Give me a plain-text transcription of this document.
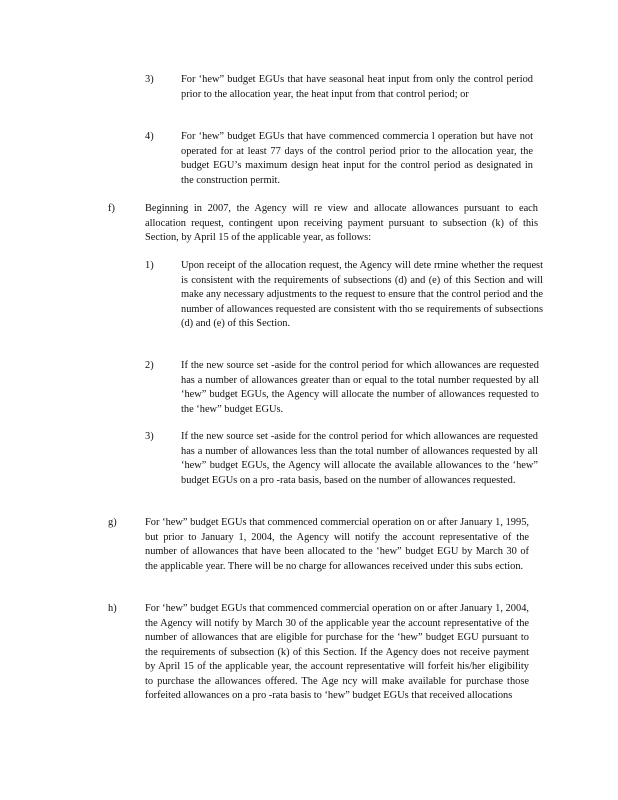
3)	For ‘hew” budget EGUs that have seasonal heat input from only the control period prior to the allocation year, the heat input from that control period; or
4)	For ‘hew” budget EGUs that have commenced commercia l operation but have not operated for at least 77 days of the control period prior to the allocation year, the budget EGU’s maximum design heat input for the control period as designated in the construction permit.
f)	Beginning in 2007, the Agency will re view and allocate allowances pursuant to each allocation request, contingent upon receiving payment pursuant to subsection (k) of this Section, by April 15 of the applicable year, as follows:
1)	Upon receipt of the allocation request, the Agency will dete rmine whether the request is consistent with the requirements of subsections (d) and (e) of this Section and will make any necessary adjustments to the request to ensure that the control period and the number of allowances requested are consistent with tho se requirements of subsections (d) and (e) of this Section.
2)	If the new source set -aside for the control period for which allowances are requested has a number of allowances greater than or equal to the total number requested by all ‘hew” budget EGUs, the Agency will allocate the number of allowances requested to the ‘hew” budget EGUs.
3)	If the new source set -aside for the control period for which allowances are requested has a number of allowances less than the total number of allowances requested by all ‘hew” budget EGUs, the Agency will allocate the available allowances to the ‘hew” budget EGUs on a pro -rata basis, based on the number of allowances requested.
g)	For ‘hew” budget EGUs that commenced commercial operation on or after January 1, 1995, but prior to January 1, 2004, the Agency will notify the account representative of the number of allowances that have been allocated to the ‘hew” budget EGU by March 30 of the applicable year. There will be no charge for allowances received under this subs ection.
h)	For ‘hew” budget EGUs that commenced commercial operation on or after January 1, 2004, the Agency will notify by March 30 of the applicable year the account representative of the number of allowances that are eligible for purchase for the ‘hew” budget EGU pursuant to the requirements of subsection (k) of this Section. If the Agency does not receive payment by April 15 of the applicable year, the account representative will forfeit his/her eligibility to purchase the allowances offered. The Age ncy will make available for purchase those forfeited allowances on a pro -rata basis to ‘hew” budget EGUs that received allocations
